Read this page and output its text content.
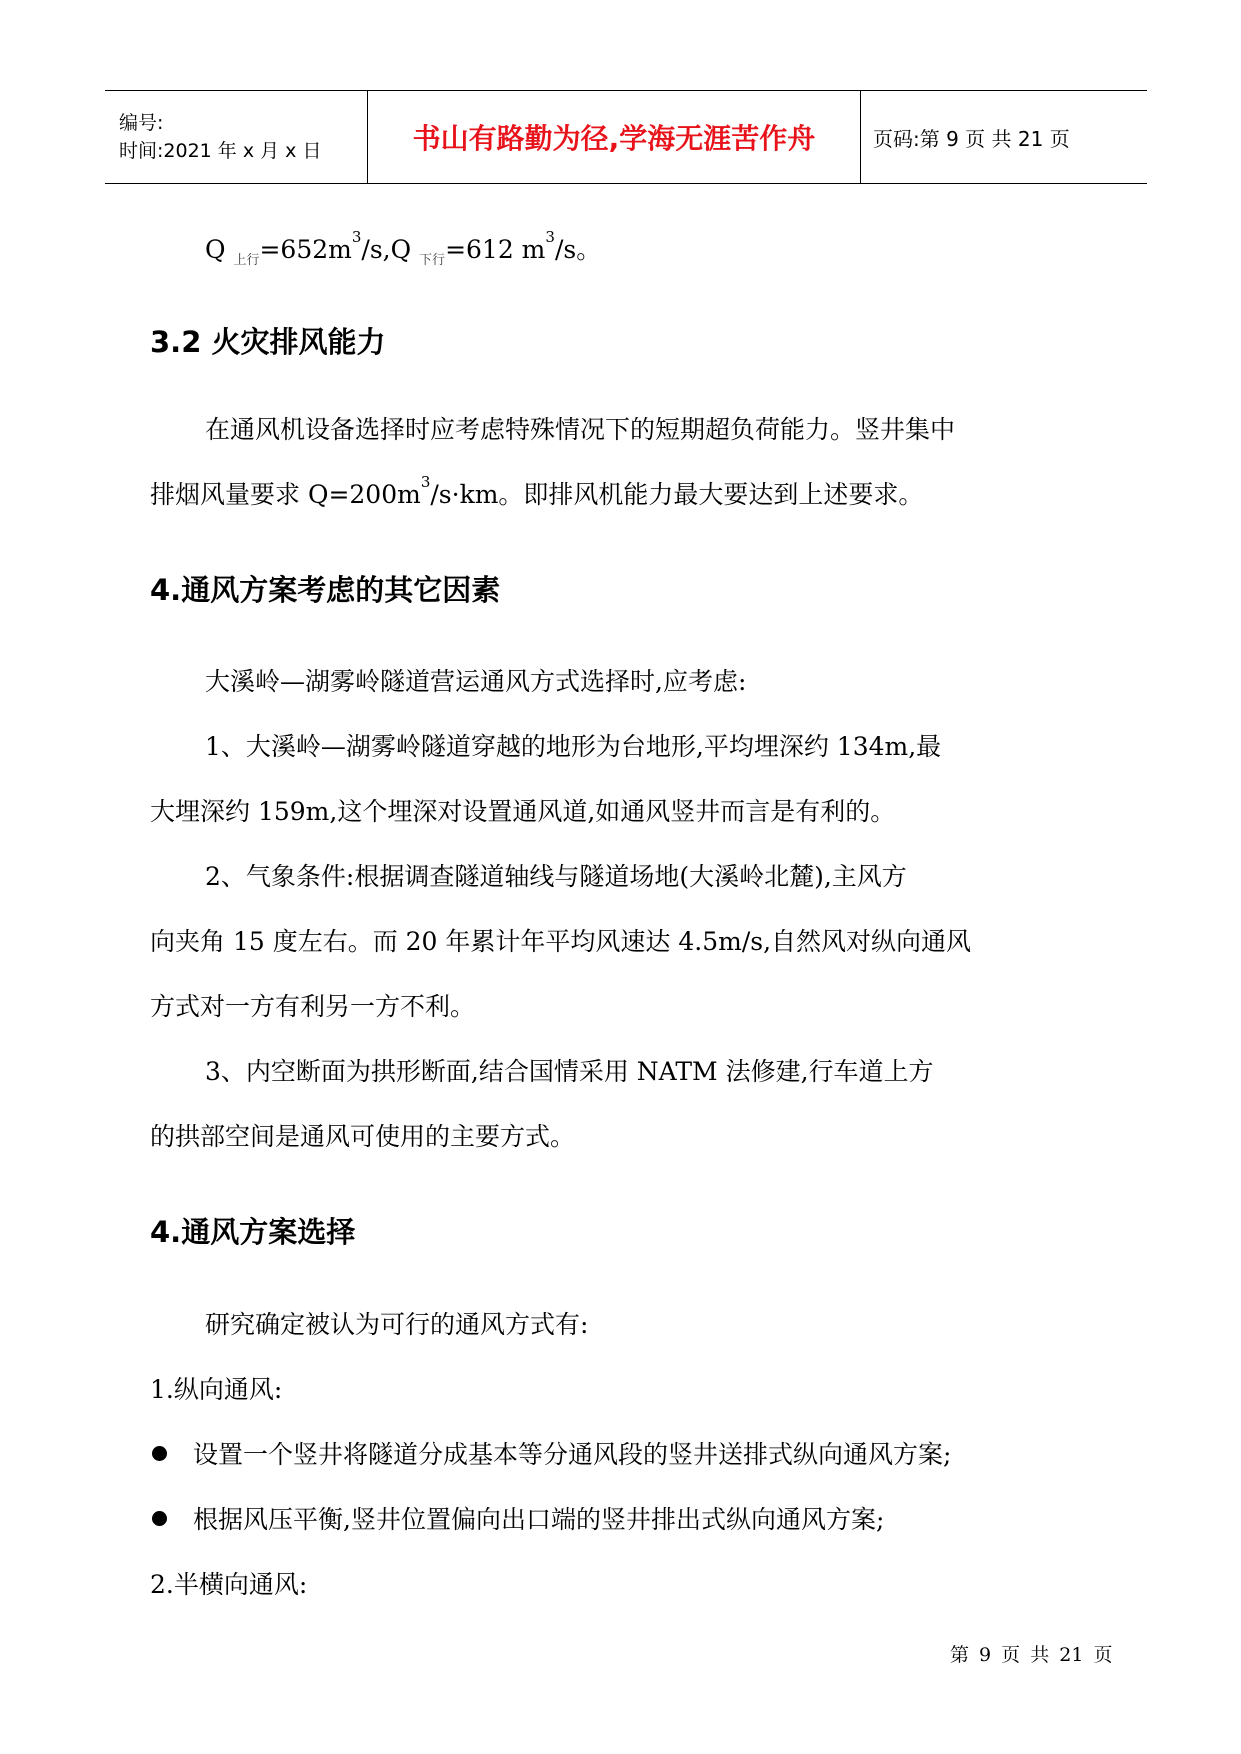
编号:
时间:2021 年 x 月 x 日	书山有路勤为径,学海无涯苦作舟	页码:第 9 页 共 21 页
Q $_{上行}=652m^3/s,Q$ $_{下行}$=612 $m^3/s$。
3.2 火灾排风能力
在通风机设备选择时应考虑特殊情况下的短期超负荷能力。竖井集中
排烟风量要求 $Q=200m^3/s\cdot km$。即排风机能力最大要达到上述要求。
4.通风方案考虑的其它因素
大溪岭—湖雾岭隧道营运通风方式选择时,应考虑:
1、大溪岭—湖雾岭隧道穿越的地形为台地形,平均埋深约 134m,最
大埋深约 159m,这个埋深对设置通风道,如通风竖井而言是有利的。
2、气象条件:根据调查隧道轴线与隧道场地(大溪岭北麓),主风方
向夹角 15 度左右。而 20 年累计年平均风速达 4.5m/s,自然风对纵向通风
方式对一方有利另一方不利。
3、内空断面为拱形断面,结合国情采用 NATM 法修建,行车道上方
的拱部空间是通风可使用的主要方式。
4.通风方案选择
研究确定被认为可行的通风方式有:
1.纵向通风:
设置一个竖井将隧道分成基本等分通风段的竖井送排式纵向通风方案;
根据风压平衡,竖井位置偏向出口端的竖井排出式纵向通风方案;
2.半横向通风:
第 9 页 共 21 页
